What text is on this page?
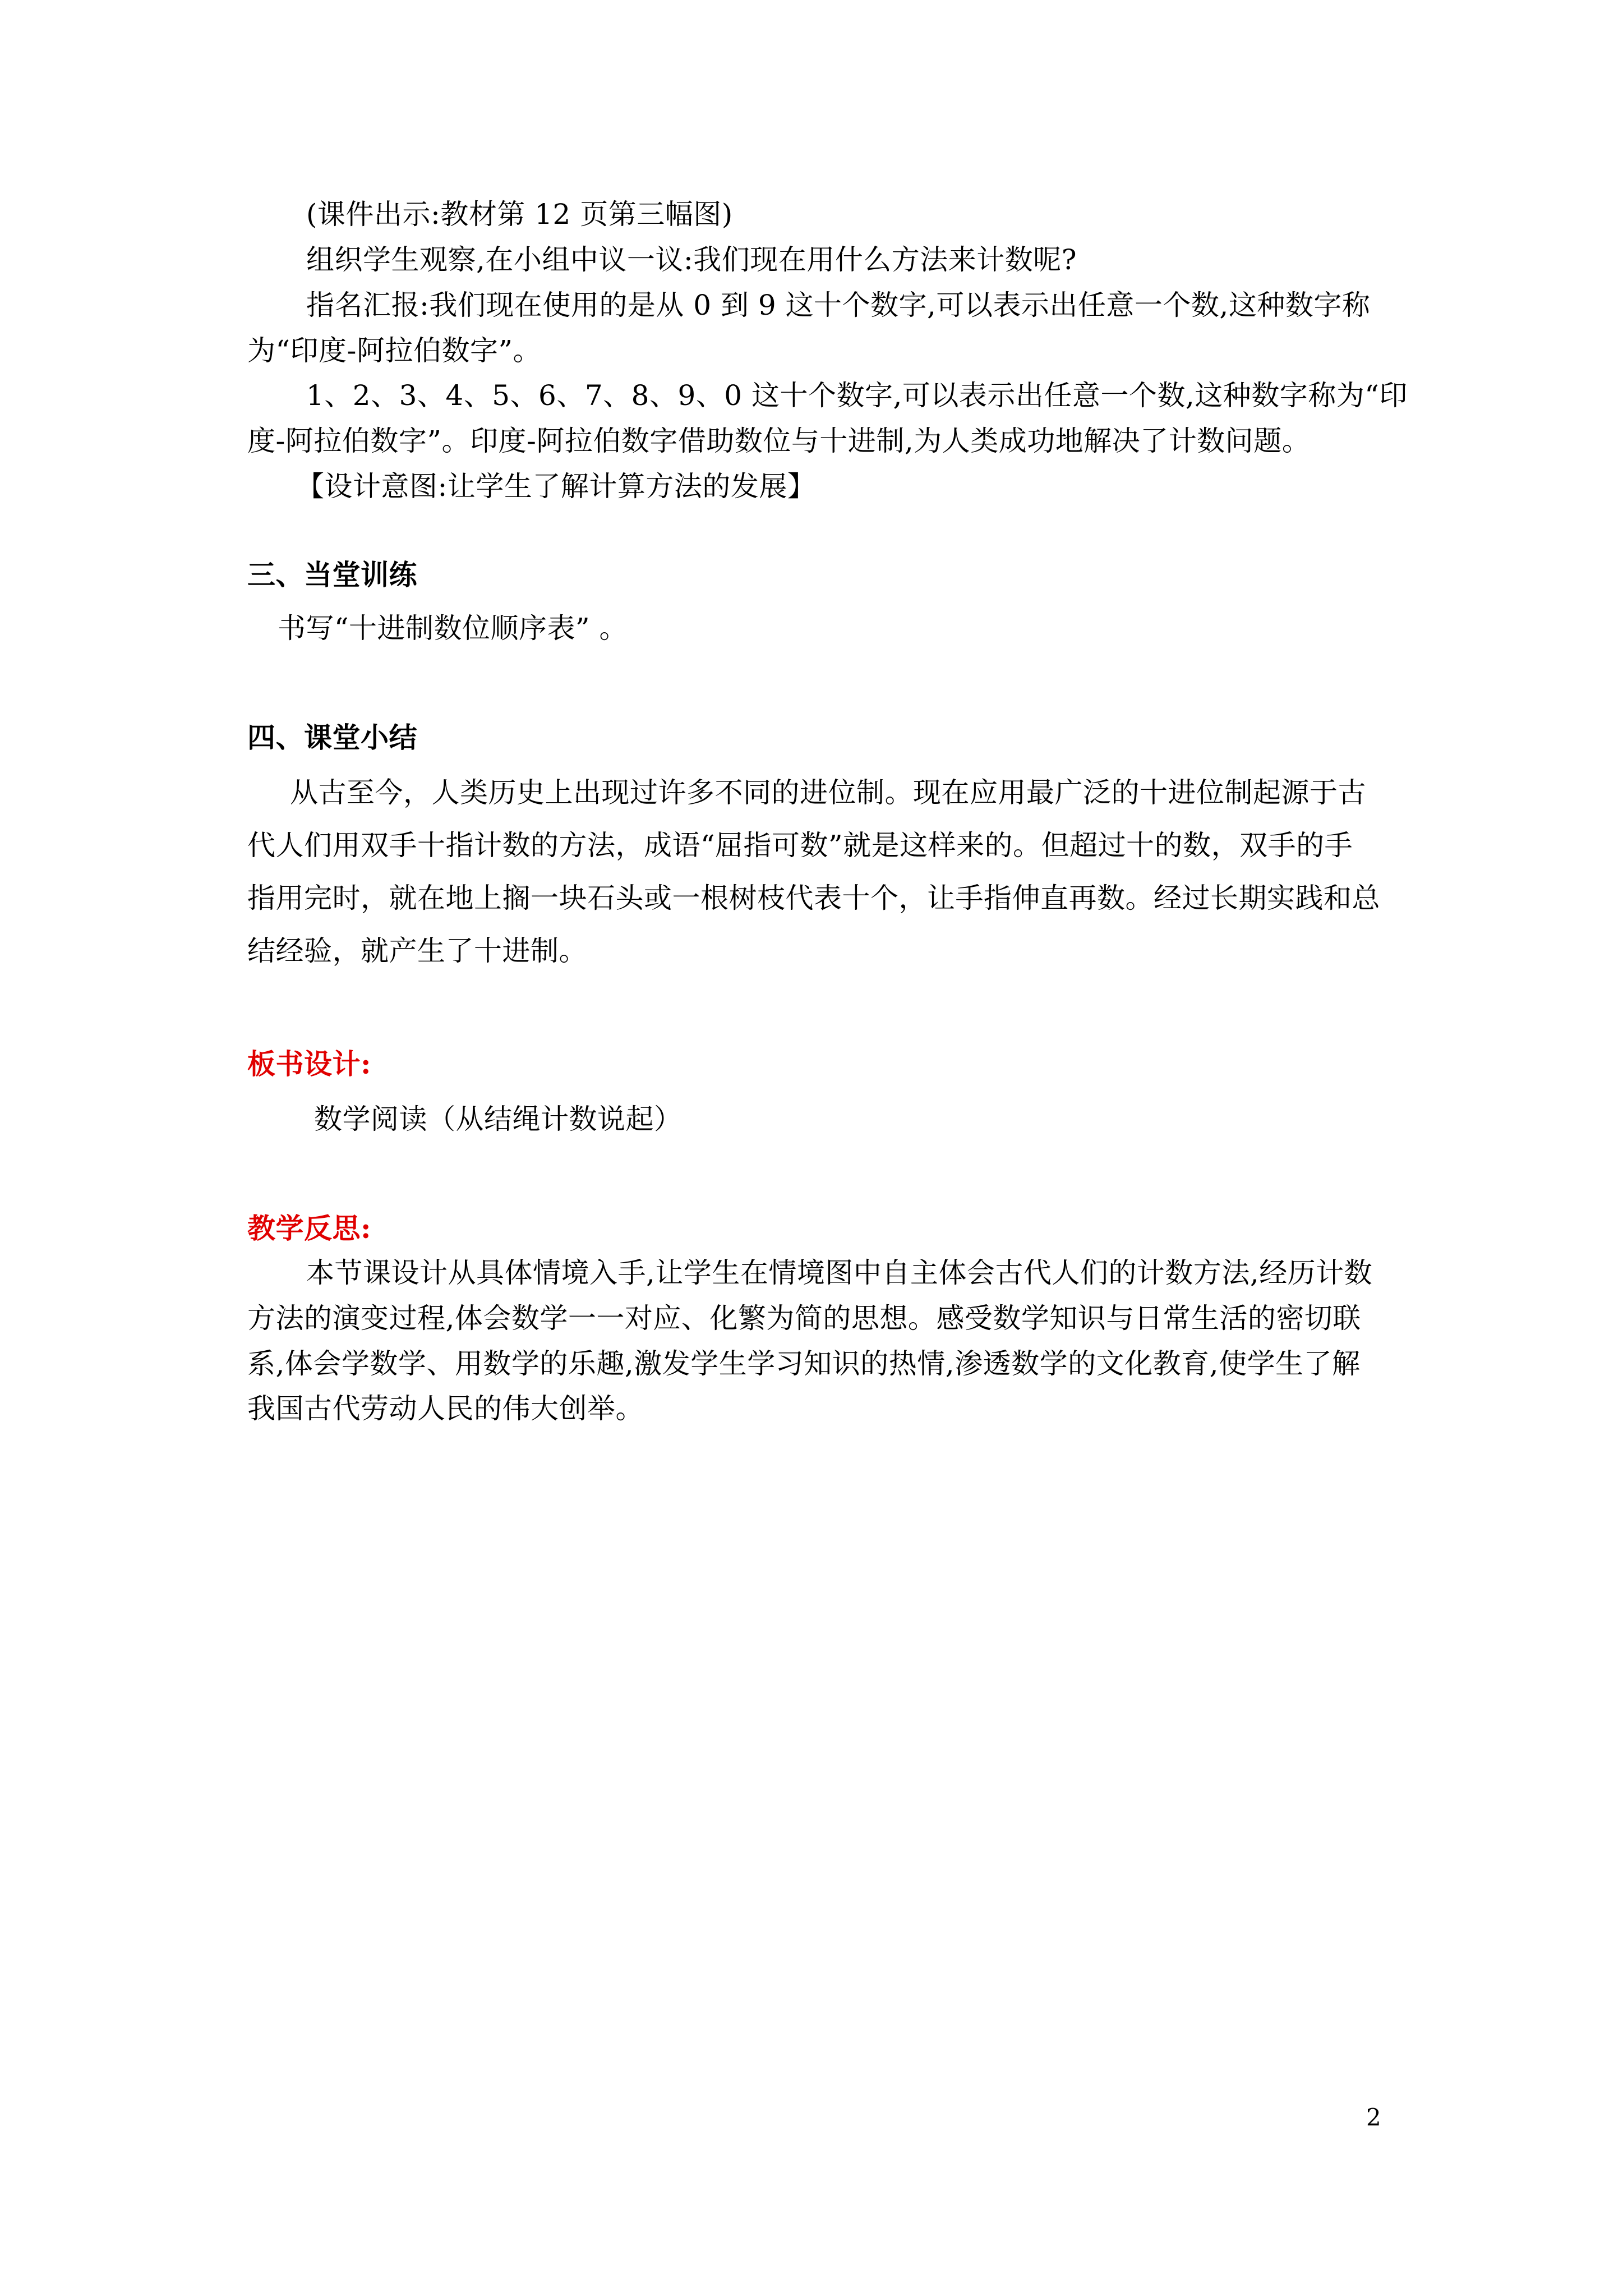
(课件出示:教材第 12 页第三幅图)
组织学生观察,在小组中议一议:我们现在用什么方法来计数呢?
指名汇报:我们现在使用的是从 0 到 9 这十个数字,可以表示出任意一个数,这种数字称
为“印度-阿拉伯数字”。
1、2、3、4、5、6、7、8、9、0 这十个数字,可以表示出任意一个数,这种数字称为“印
度-阿拉伯数字”。印度-阿拉伯数字借助数位与十进制,为人类成功地解决了计数问题。
【设计意图:让学生了解计算方法的发展】
三、当堂训练
书写“十进制数位顺序表” 。
四、课堂小结
从古至今，人类历史上出现过许多不同的进位制。现在应用最广泛的十进位制起源于古
代人们用双手十指计数的方法，成语“屈指可数”就是这样来的。但超过十的数，双手的手
指用完时，就在地上搁一块石头或一根树枝代表十个，让手指伸直再数。经过长期实践和总
结经验，就产生了十进制。
板书设计:
数学阅读（从结绳计数说起）
教学反思:
本节课设计从具体情境入手,让学生在情境图中自主体会古代人们的计数方法,经历计数
方法的演变过程,体会数学一一对应、化繁为简的思想。感受数学知识与日常生活的密切联
系,体会学数学、用数学的乐趣,激发学生学习知识的热情,渗透数学的文化教育,使学生了解
我国古代劳动人民的伟大创举。
2
